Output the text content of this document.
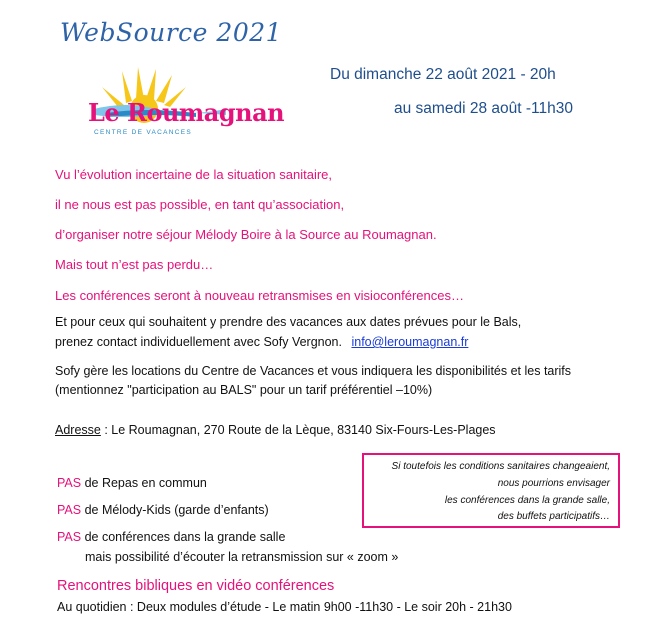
WebSource 2021
Le Roumagnan
CENTRE DE VACANCES
Du dimanche 22 août 2021 - 20h
au samedi 28 août -11h30
Vu l’évolution incertaine de la situation sanitaire,
il ne nous est pas possible, en tant qu’association,
d’organiser notre séjour Mélody Boire à la Source au Roumagnan.
Mais tout n’est pas perdu…
Les conférences seront à nouveau retransmises en visioconférences…
Et pour ceux qui souhaitent y prendre des vacances aux dates prévues pour le Bals,
prenez contact individuellement avec Sofy Vergnon. info@leroumagnan.fr
Sofy gère les locations du Centre de Vacances et vous indiquera les disponibilités et les tarifs
(mentionnez "participation au BALS" pour un tarif préférentiel –10%)
Adresse : Le Roumagnan, 270 Route de la Lèque, 83140 Six-Fours-Les-Plages
PAS de Repas en commun
PAS de Mélody-Kids (garde d’enfants)
PAS de conférences dans la grande salle
mais possibilité d’écouter la retransmission sur « zoom »
Si toutefois les conditions sanitaires changeaient,
nous pourrions envisager
les conférences dans la grande salle,
des buffets participatifs…
Rencontres bibliques en vidéo conférences
Au quotidien : Deux modules d’étude - Le matin 9h00 -11h30 - Le soir 20h - 21h30
